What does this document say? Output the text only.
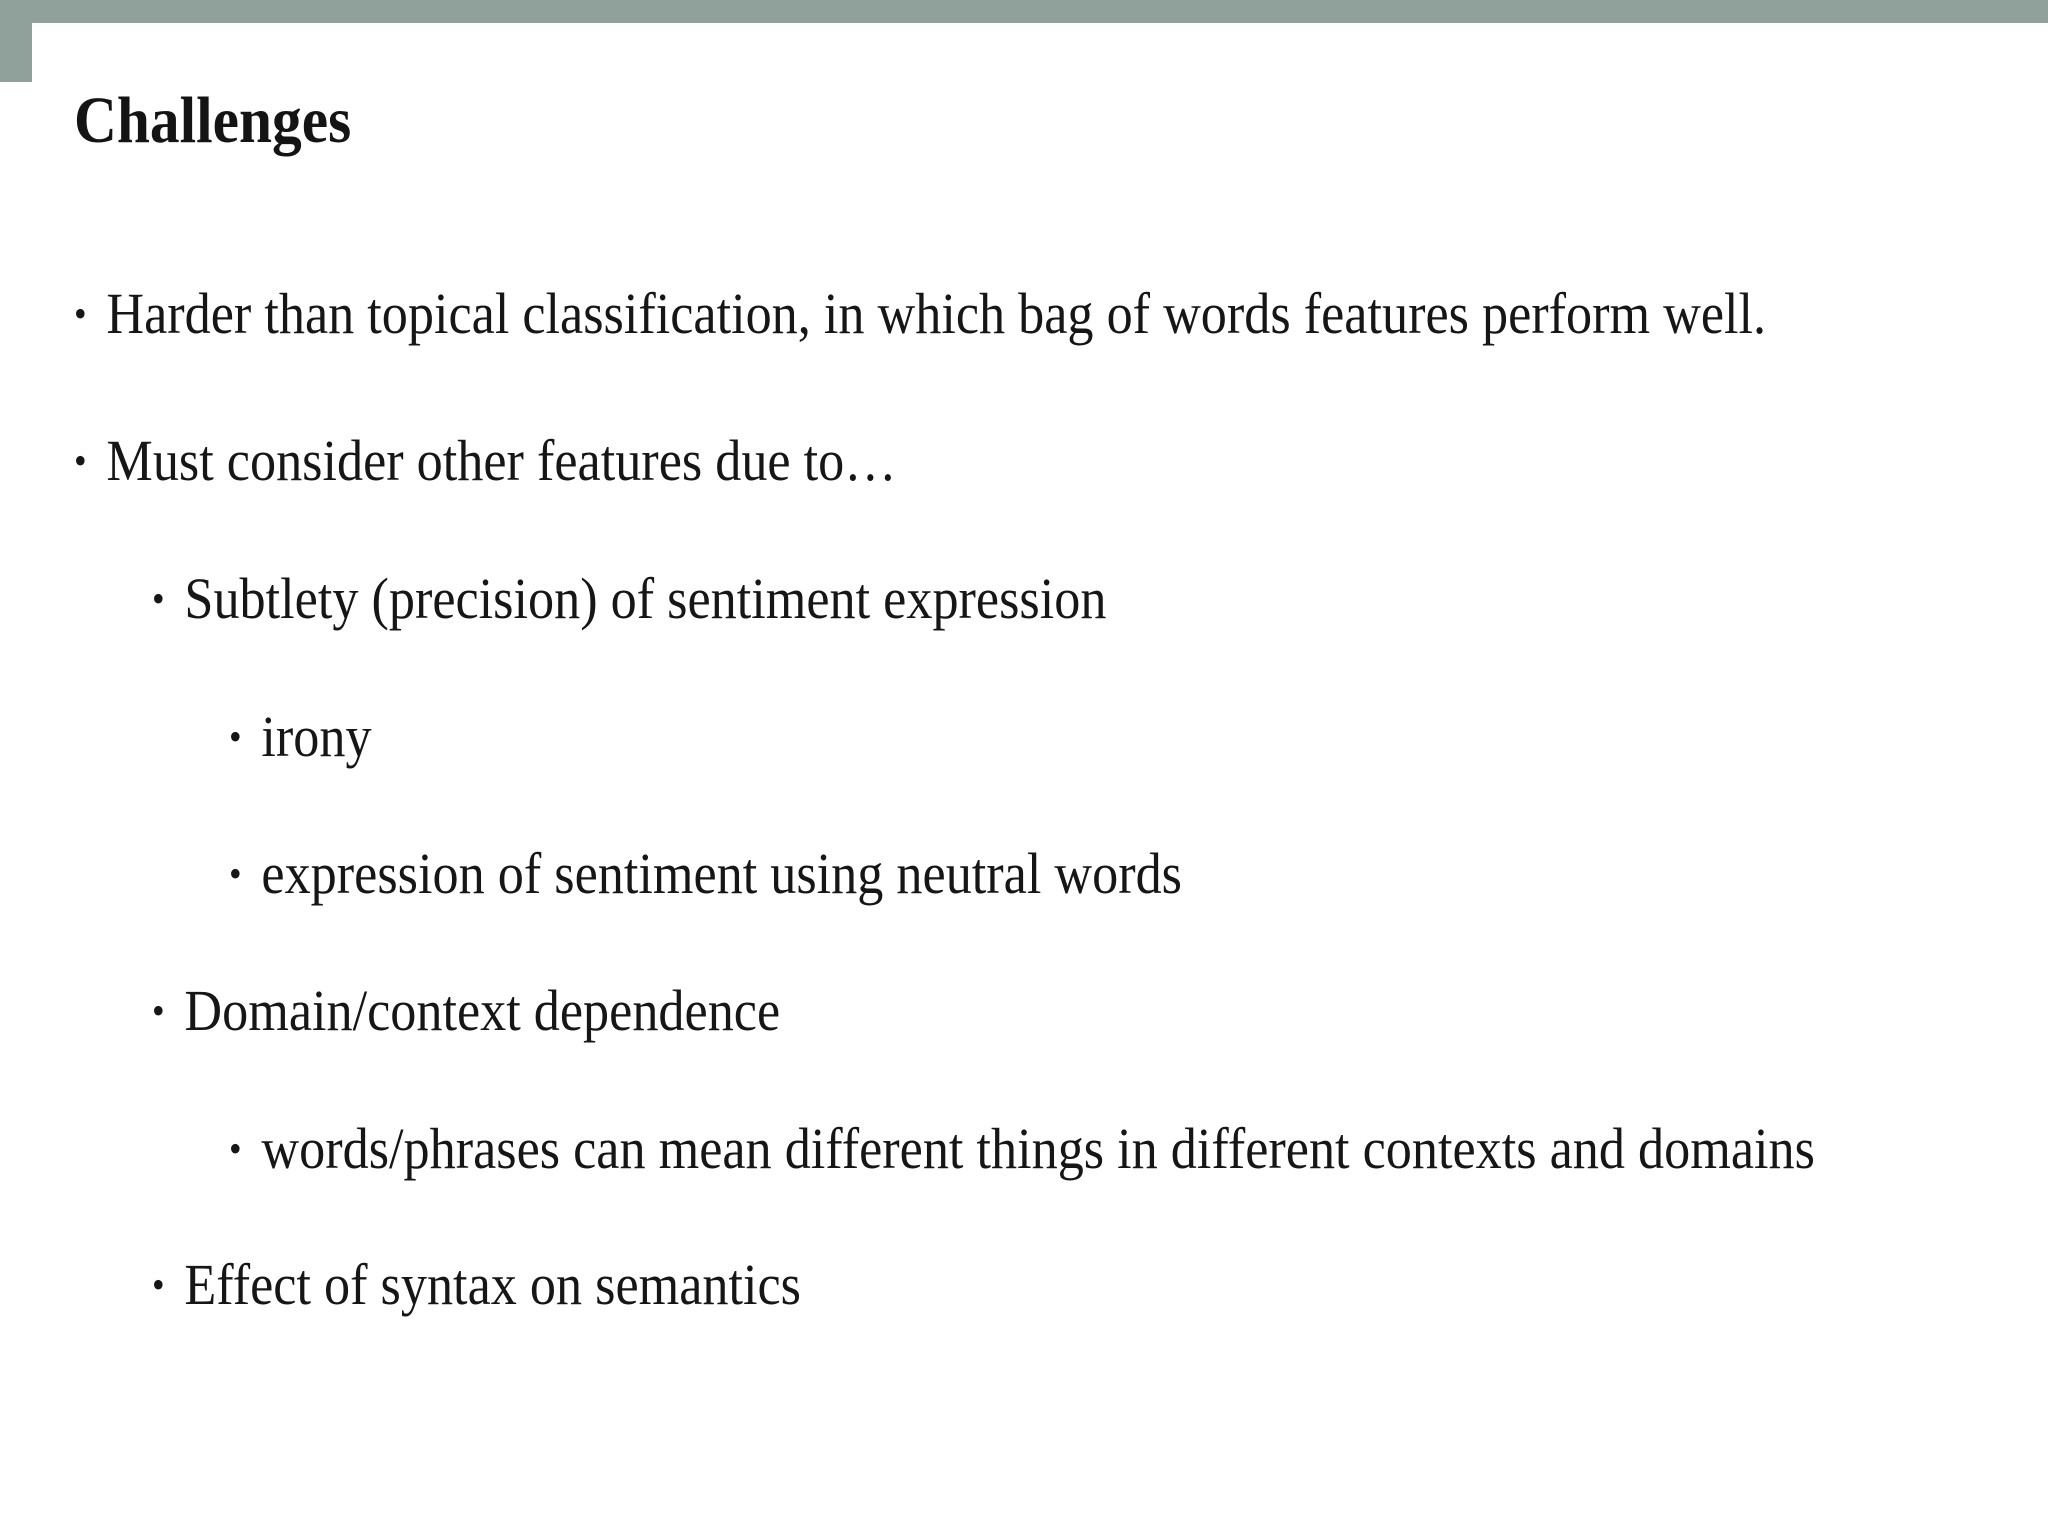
Challenges
• Harder than topical classification, in which bag of words features perform well.
• Must consider other features due to…
• Subtlety (precision) of sentiment expression
• irony
• expression of sentiment using neutral words
• Domain/context dependence
• words/phrases can mean different things in different contexts and domains
• Effect of syntax on semantics
